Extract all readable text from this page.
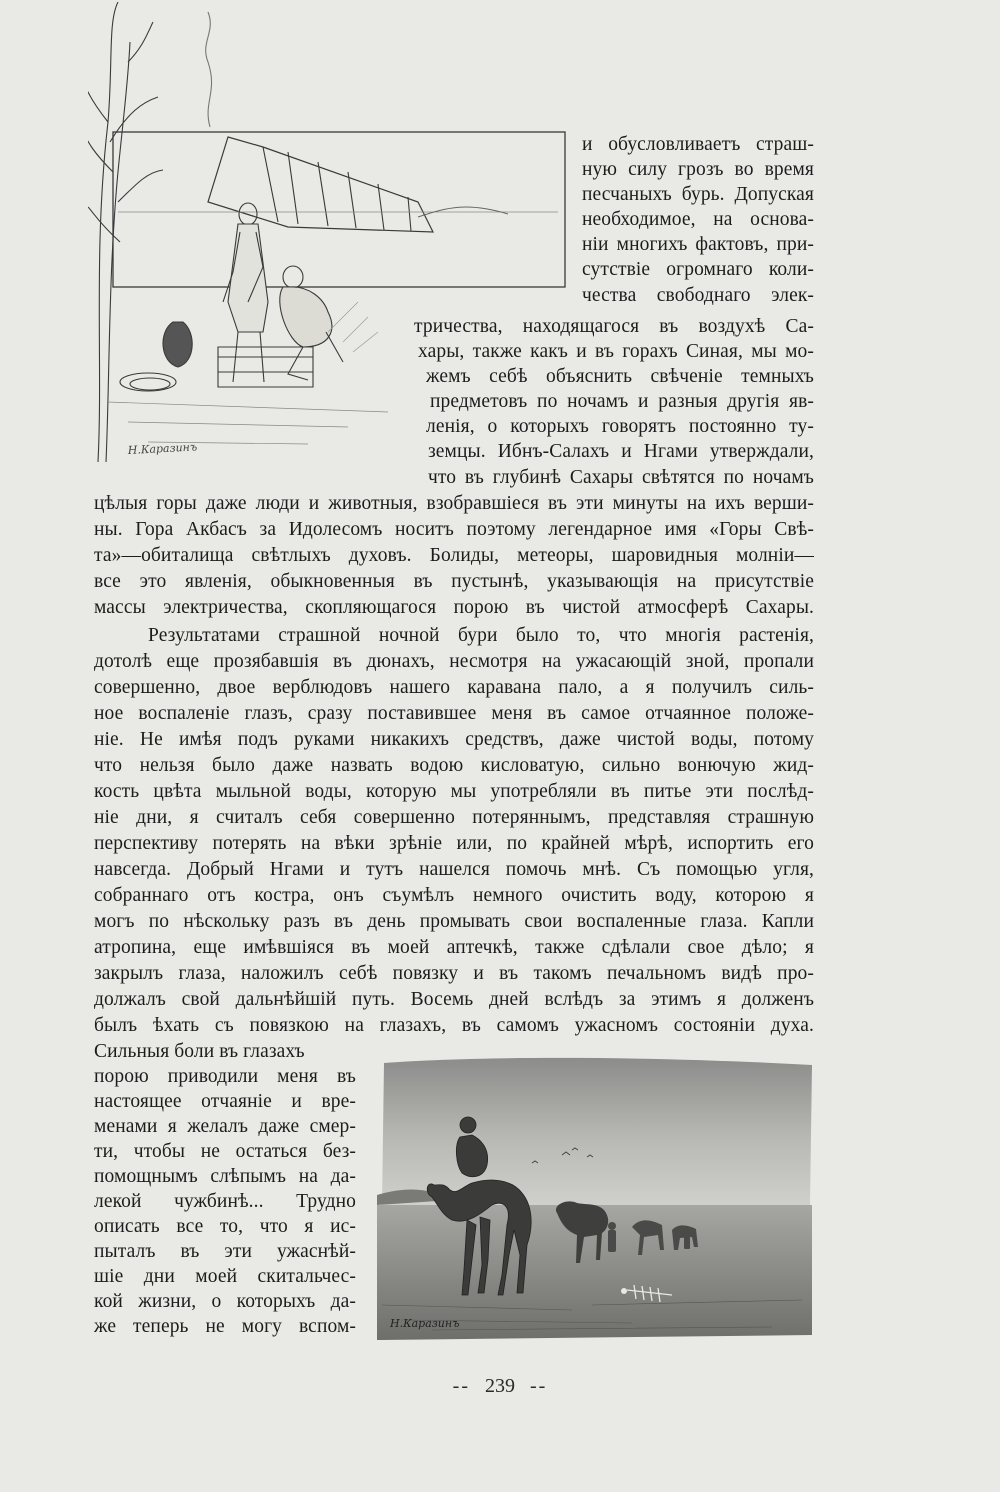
Н.Каразинъ
и обусловливаетъ страш-
ную силу грозъ во время
песчаныхъ бурь. Допуская
необходимое, на основа-
ніи многихъ фактовъ, при-
сутствіе огромнаго коли-
чества свободнаго элек-
тричества, находящагося въ воздухѣ Са-
хары, также какъ и въ горахъ Синая, мы мо-
жемъ себѣ объяснить свѣченіе темныхъ
предметовъ по ночамъ и разныя другія яв-
ленія, о которыхъ говорятъ постоянно ту-
земцы. Ибнъ-Салахъ и Нгами утверждали,
что въ глубинѣ Сахары свѣтятся по ночамъ
цѣлыя горы даже люди и животныя, взобравшіеся въ эти минуты на ихъ верши-
ны. Гора Акбасъ за Идолесомъ носитъ поэтому легендарное имя «Горы Свѣ-
та»—обиталища свѣтлыхъ духовъ. Болиды, метеоры, шаровидныя молніи—
все это явленія, обыкновенныя въ пустынѣ, указывающія на присутствіе
массы электричества, скопляющагося порою въ чистой атмосферѣ Сахары.
Результатами страшной ночной бури было то, что многія растенія,
дотолѣ еще прозябавшія въ дюнахъ, несмотря на ужасающій зной, пропали
совершенно, двое верблюдовъ нашего каравана пало, а я получилъ силь-
ное воспаленіе глазъ, сразу поставившее меня въ самое отчаянное положе-
ніе. Не имѣя подъ руками никакихъ средствъ, даже чистой воды, потому
что нельзя было даже назвать водою кисловатую, сильно вонючую жид-
кость цвѣта мыльной воды, которую мы употребляли въ питье эти послѣд-
ніе дни, я считалъ себя совершенно потеряннымъ, представляя страшную
перспективу потерять на вѣки зрѣніе или, по крайней мѣрѣ, испортить его
навсегда. Добрый Нгами и тутъ нашелся помочь мнѣ. Съ помощью угля,
собраннаго отъ костра, онъ съумѣлъ немного очистить воду, которою я
могъ по нѣскольку разъ въ день промывать свои воспаленные глаза. Капли
атропина, еще имѣвшіяся въ моей аптечкѣ, также сдѣлали свое дѣло; я
закрылъ глаза, наложилъ себѣ повязку и въ такомъ печальномъ видѣ про-
должалъ свой дальнѣйшій путь. Восемь дней вслѣдъ за этимъ я долженъ
былъ ѣхать съ повязкою на глазахъ, въ самомъ ужасномъ состояніи духа.
Сильныя боли въ глазахъ
порою приводили меня въ
настоящее отчаяніе и вре-
менами я желалъ даже смер-
ти, чтобы не остаться без-
помощнымъ слѣпымъ на да-
лекой чужбинѣ... Трудно
описать все то, что я ис-
пыталъ въ эти ужаснѣй-
шіе дни моей скитальчес-
кой жизни, о которыхъ да-
же теперь не могу вспом-	Н.Каразинъ
-- 239 --
